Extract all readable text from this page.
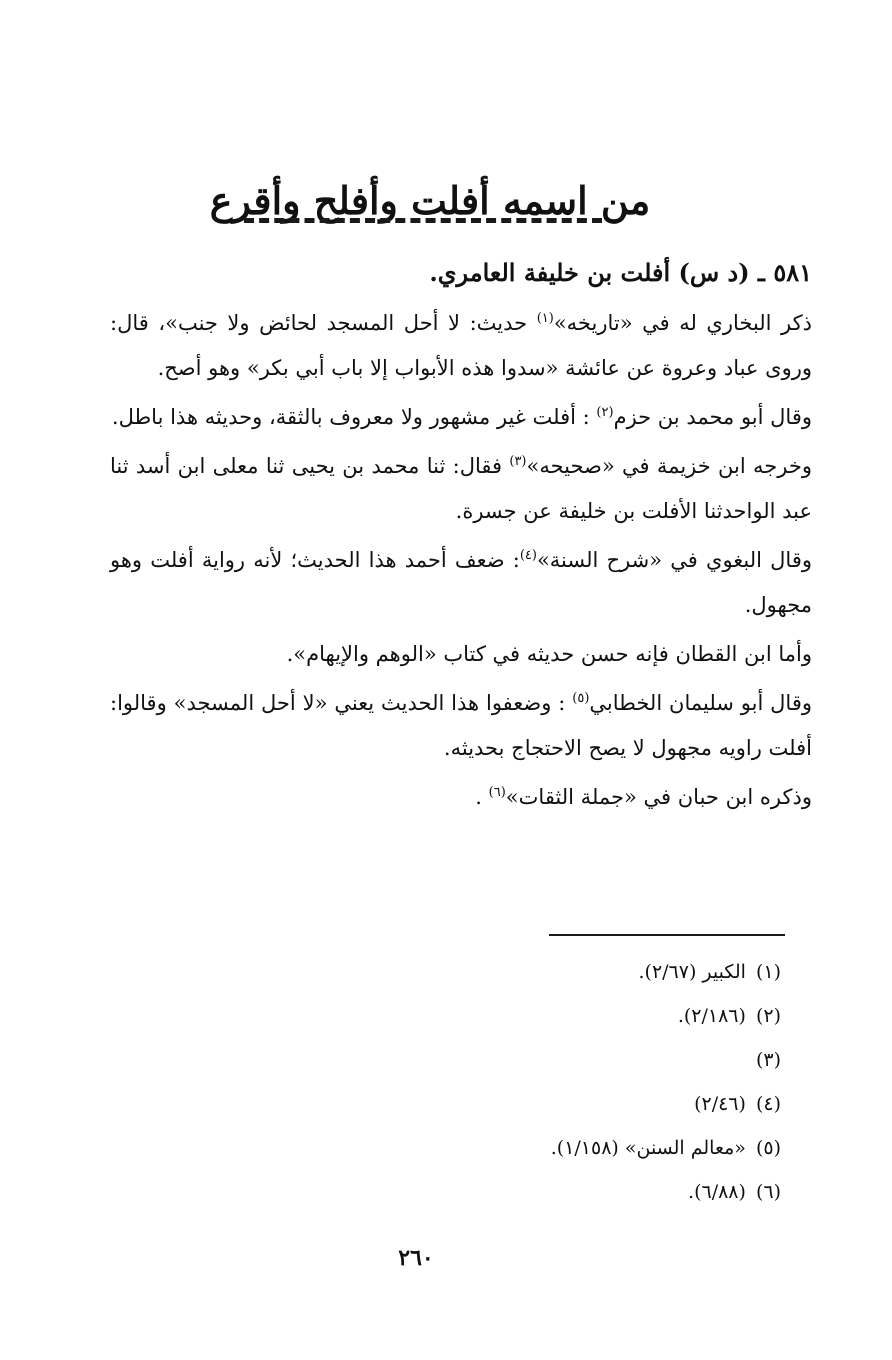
من اسمه أفلت وأفلح وأقرع

٥٨١ ـ (د س) أفلت بن خليفة العامري.

ذكر البخاري له في «تاريخه»$^{(١)}$ حديث: لا أحل المسجد لحائض ولا جنب»، قال: وروى عباد وعروة عن عائشة «سدوا هذه الأبواب إلا باب أبي بكر» وهو أصح.

وقال أبو محمد بن حزم$^{(٢)}$ : أفلت غير مشهور ولا معروف بالثقة، وحديثه هذا باطل.

وخرجه ابن خزيمة في «صحيحه»$^{(٣)}$ فقال: ثنا محمد بن يحيى ثنا معلى ابن أسد ثنا عبد الواحدثنا الأفلت بن خليفة عن جسرة.

وقال البغوي في «شرح السنة»$^{(٤)}$: ضعف أحمد هذا الحديث؛ لأنه رواية أفلت وهو مجهول.

وأما ابن القطان فإنه حسن حديثه في كتاب «الوهم والإيهام».

وقال أبو سليمان الخطابي$^{(٥)}$ : وضعفوا هذا الحديث يعني «لا أحل المسجد» وقالوا: أفلت راويه مجهول لا يصح الاحتجاج بحديثه.

وذكره ابن حبان في «جملة الثقات»$^{(٦)}$ .

(١)الكبير (٢/٦٧).
(٢)(٢/١٨٦).
(٣)
(٤)(٢/٤٦)
(٥)«معالم السنن» (١/١٥٨).
(٦)(٦/٨٨).
٢٦٠
